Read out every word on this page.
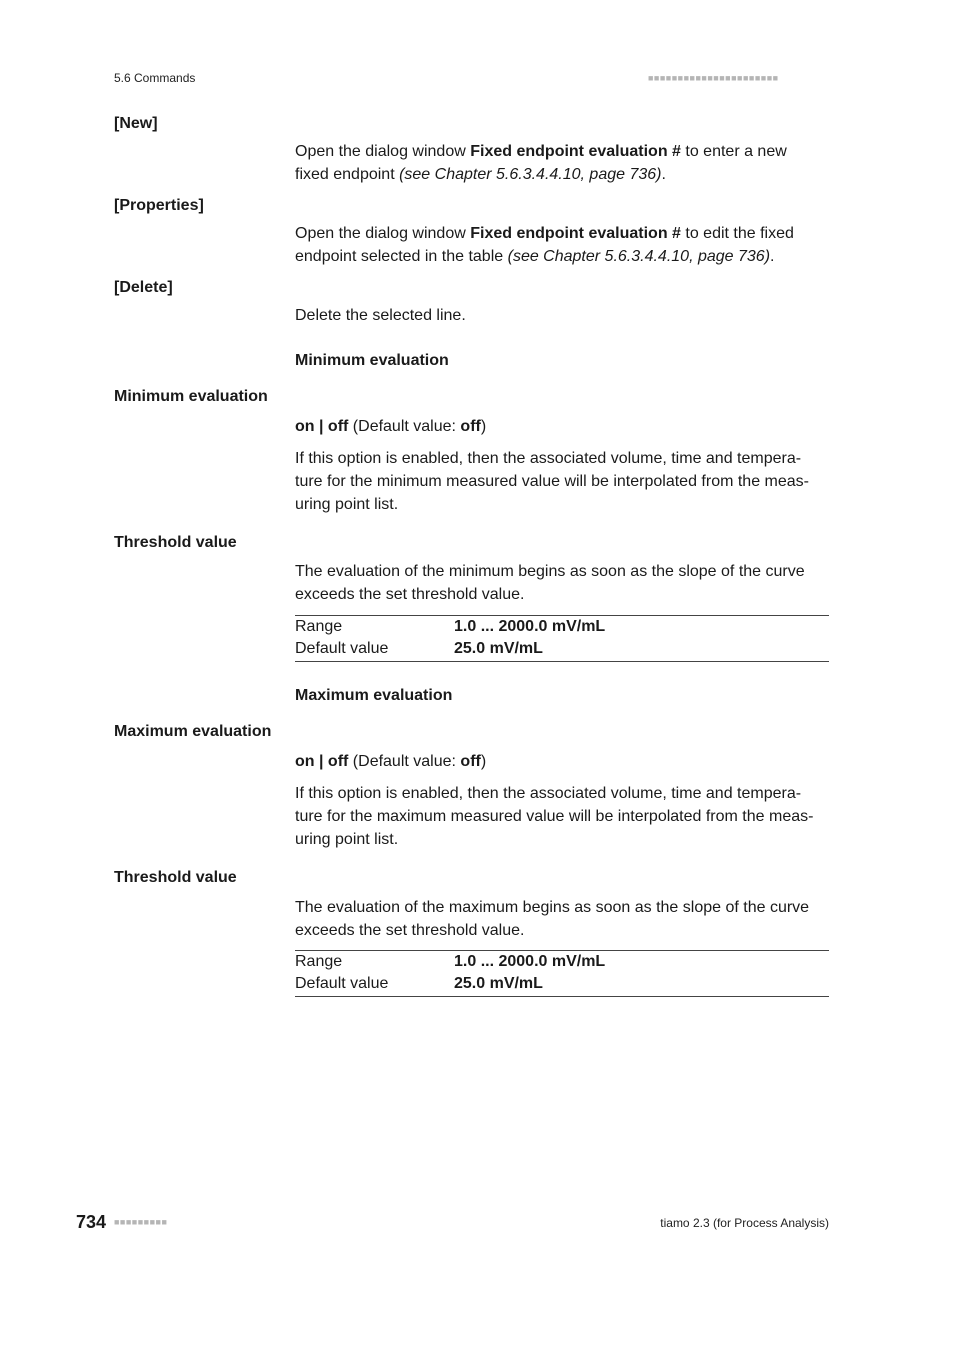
5.6 Commands	■■■■■■■■■■■■■■■■■■■■■■
[New]
Open the dialog window Fixed endpoint evaluation # to enter a new
fixed endpoint (see Chapter 5.6.3.4.4.10, page 736).
[Properties]
Open the dialog window Fixed endpoint evaluation # to edit the fixed
endpoint selected in the table (see Chapter 5.6.3.4.4.10, page 736).
[Delete]
Delete the selected line.
Minimum evaluation
Minimum evaluation
on | off (Default value: off)
If this option is enabled, then the associated volume, time and tempera-
ture for the minimum measured value will be interpolated from the meas-
uring point list.
Threshold value
The evaluation of the minimum begins as soon as the slope of the curve
exceeds the set threshold value.
Range	1.0 ... 2000.0 mV/mL
Default value	25.0 mV/mL
Maximum evaluation
Maximum evaluation
on | off (Default value: off)
If this option is enabled, then the associated volume, time and tempera-
ture for the maximum measured value will be interpolated from the meas-
uring point list.
Threshold value
The evaluation of the maximum begins as soon as the slope of the curve
exceeds the set threshold value.
Range	1.0 ... 2000.0 mV/mL
Default value	25.0 mV/mL
734 ■■■■■■■■■	tiamo 2.3 (for Process Analysis)
